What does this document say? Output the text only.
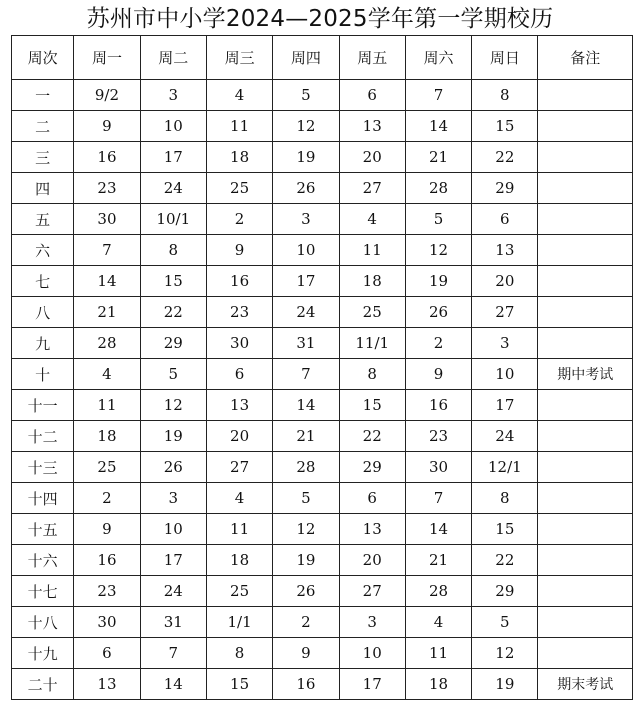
苏州市中小学2024—2025学年第一学期校历
周次	周一	周二	周三	周四	周五	周六	周日	备注
一	9/2	3	4	5	6	7	8	
二	9	10	11	12	13	14	15	
三	16	17	18	19	20	21	22	
四	23	24	25	26	27	28	29	
五	30	10/1	2	3	4	5	6	
六	7	8	9	10	11	12	13	
七	14	15	16	17	18	19	20	
八	21	22	23	24	25	26	27	
九	28	29	30	31	11/1	2	3	
十	4	5	6	7	8	9	10	期中考试
十一	11	12	13	14	15	16	17	
十二	18	19	20	21	22	23	24	
十三	25	26	27	28	29	30	12/1	
十四	2	3	4	5	6	7	8	
十五	9	10	11	12	13	14	15	
十六	16	17	18	19	20	21	22	
十七	23	24	25	26	27	28	29	
十八	30	31	1/1	2	3	4	5	
十九	6	7	8	9	10	11	12	
二十	13	14	15	16	17	18	19	期末考试
